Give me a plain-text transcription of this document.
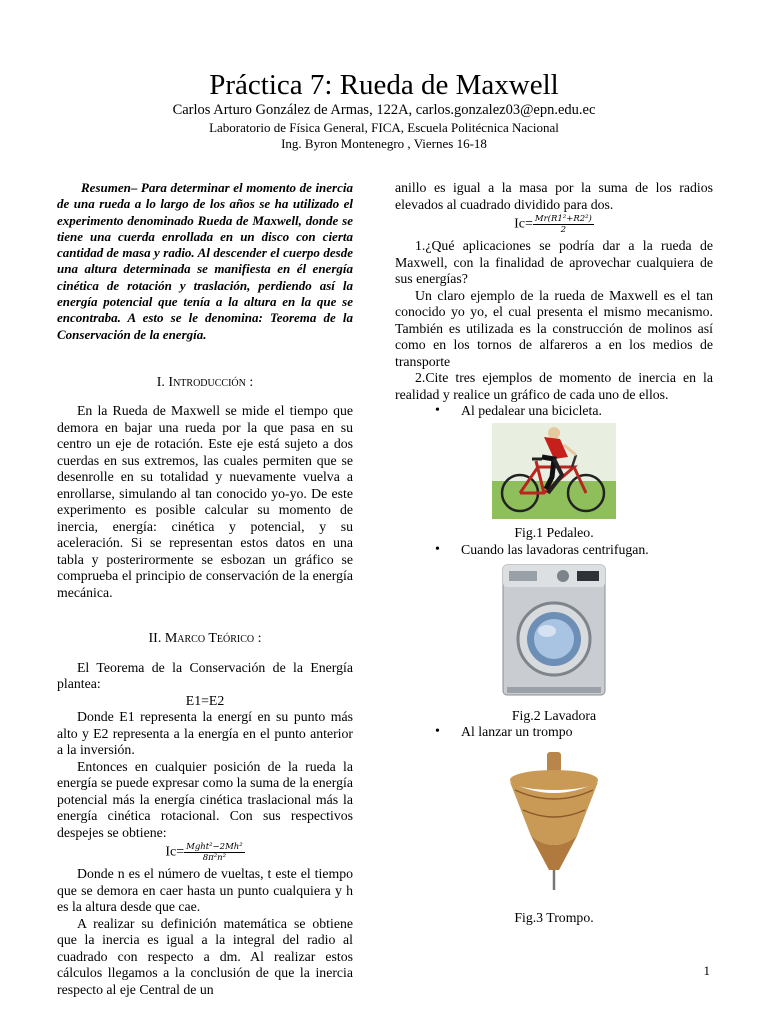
Práctica 7: Rueda de Maxwell
Carlos Arturo González de Armas, 122A, carlos.gonzalez03@epn.edu.ec
Laboratorio de Física General, FICA, Escuela Politécnica Nacional
Ing. Byron Montenegro , Viernes 16-18

Resumen– Para determinar el momento de inercia de una rueda a lo largo de los años se ha utilizado el experimento denominado Rueda de Maxwell, donde se tiene una cuerda enrollada en un disco con cierta cantidad de masa y radio. Al descender el cuerpo desde una altura determinada se manifiesta en él energía cinética de rotación y traslación, perdiendo así la energía potencial que tenía a la altura en la que se encontraba. A esto se le denomina: Teorema de la Conservación de la energía.

I. Introducción :

En la Rueda de Maxwell se mide el tiempo que demora en bajar una rueda por la que pasa en su centro un eje de rotación. Este eje está sujeto a dos cuerdas en sus extremos, las cuales permiten que se desenrolle en su totalidad y nuevamente vuelva a enrollarse, simulando al tan conocido yo-yo. De este experimento es posible calcular su momento de inercia, energía: cinética y potencial, y su aceleración. Si se representan estos datos en una tabla y posterirormente se esbozan un gráfico se comprueba el principio de conservación de la energía mecánica.

II. Marco Teórico :

El Teorema de la Conservación de la Energía plantea:

E1=E2

Donde E1 representa la energí en su punto más alto y E2 representa a la energía en el punto anterior a la inversión.

Entonces en cualquier posición de la rueda la energía se puede expresar como la suma de la energía potencial más la energía cinética traslacional más la energía cinética rotacional. Con sus respectivos despejes se obtiene:

$Ic= \frac{\text{Mght²−2Mh²}}{\text{8π²n²}}$

Donde n es el número de vueltas, t este el tiempo que se demora en caer hasta un punto cualquiera y h es la altura desde que cae.

A realizar su definición matemática se obtiene que la inercia es igual a la integral del radio al cuadrado con respecto a dm. Al realizar estos cálculos llegamos a la conclusión de que la inercia respecto al eje Central de un

anillo es igual a la masa por la suma de los radios elevados al cuadrado dividido para dos.

$Ic= \frac{\text{Mr(R1²+R2²)}}{2}$

1.¿Qué aplicaciones se podría dar a la rueda de Maxwell, con la finalidad de aprovechar cualquiera de sus energías?

Un claro ejemplo de la rueda de Maxwell es el tan conocido yo yo, el cual presenta el mismo mecanismo. También es utilizada es la construcción de molinos así como en los tornos de alfareros a en los medios de transporte

2.Cite tres ejemplos de momento de inercia en la realidad y realice un gráfico de cada uno de ellos.

•	Al pedalear una bicicleta.
Fig.1 Pedaleo.
•	Cuando las lavadoras centrifugan.
Fig.2 Lavadora
•	Al lanzar un trompo
Fig.3 Trompo.
1
